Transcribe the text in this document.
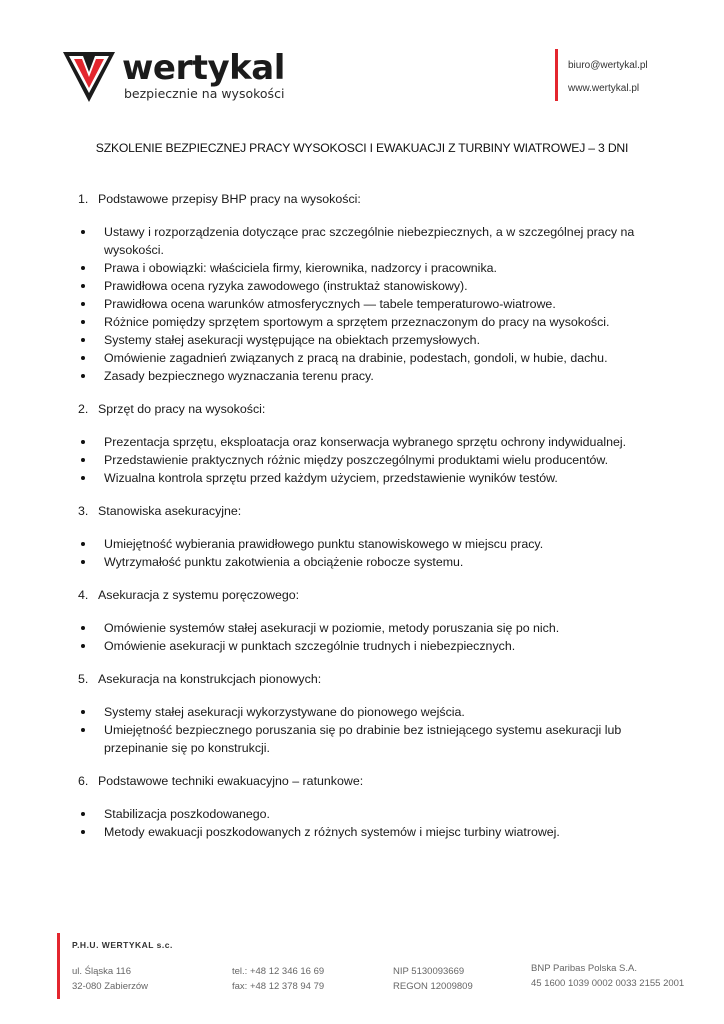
wertykal
bezpiecznie na wysokości
biuro@wertykal.pl
www.wertykal.pl
SZKOLENIE BEZPIECZNEJ PRACY WYSOKOSCI I EWAKUACJI Z TURBINY WIATROWEJ – 3 DNI
1. Podstawowe przepisy BHP pracy na wysokości:
Ustawy i rozporządzenia dotyczące prac szczególnie niebezpiecznych, a w szczególnej pracy na wysokości.
Prawa i obowiązki: właściciela firmy, kierownika, nadzorcy i pracownika.
Prawidłowa ocena ryzyka zawodowego (instruktaż stanowiskowy).
Prawidłowa ocena warunków atmosferycznych — tabele temperaturowo-wiatrowe.
Różnice pomiędzy sprzętem sportowym a sprzętem przeznaczonym do pracy na wysokości.
Systemy stałej asekuracji występujące na obiektach przemysłowych.
Omówienie zagadnień związanych z pracą na drabinie, podestach, gondoli, w hubie, dachu.
Zasady bezpiecznego wyznaczania terenu pracy.
2. Sprzęt do pracy na wysokości:
Prezentacja sprzętu, eksploatacja oraz konserwacja wybranego sprzętu ochrony indywidualnej.
Przedstawienie praktycznych różnic między poszczególnymi produktami wielu producentów.
Wizualna kontrola sprzętu przed każdym użyciem, przedstawienie wyników testów.
3. Stanowiska asekuracyjne:
Umiejętność wybierania prawidłowego punktu stanowiskowego w miejscu pracy.
Wytrzymałość punktu zakotwienia a obciążenie robocze systemu.
4. Asekuracja z systemu poręczowego:
Omówienie systemów stałej asekuracji w poziomie, metody poruszania się po nich.
Omówienie asekuracji w punktach szczególnie trudnych i niebezpiecznych.
5. Asekuracja na konstrukcjach pionowych:
Systemy stałej asekuracji wykorzystywane do pionowego wejścia.
Umiejętność bezpiecznego poruszania się po drabinie bez istniejącego systemu asekuracji lub przepinanie się po konstrukcji.
6. Podstawowe techniki ewakuacyjno – ratunkowe:
Stabilizacja poszkodowanego.
Metody ewakuacji poszkodowanych z różnych systemów i miejsc turbiny wiatrowej.
P.H.U. WERTYKAL s.c.
ul. Śląska 116
32-080 Zabierzów
tel.: +48 12 346 16 69
fax: +48 12 378 94 79
NIP 5130093669
REGON 12009809
BNP Paribas Polska S.A.
45 1600 1039 0002 0033 2155 2001
